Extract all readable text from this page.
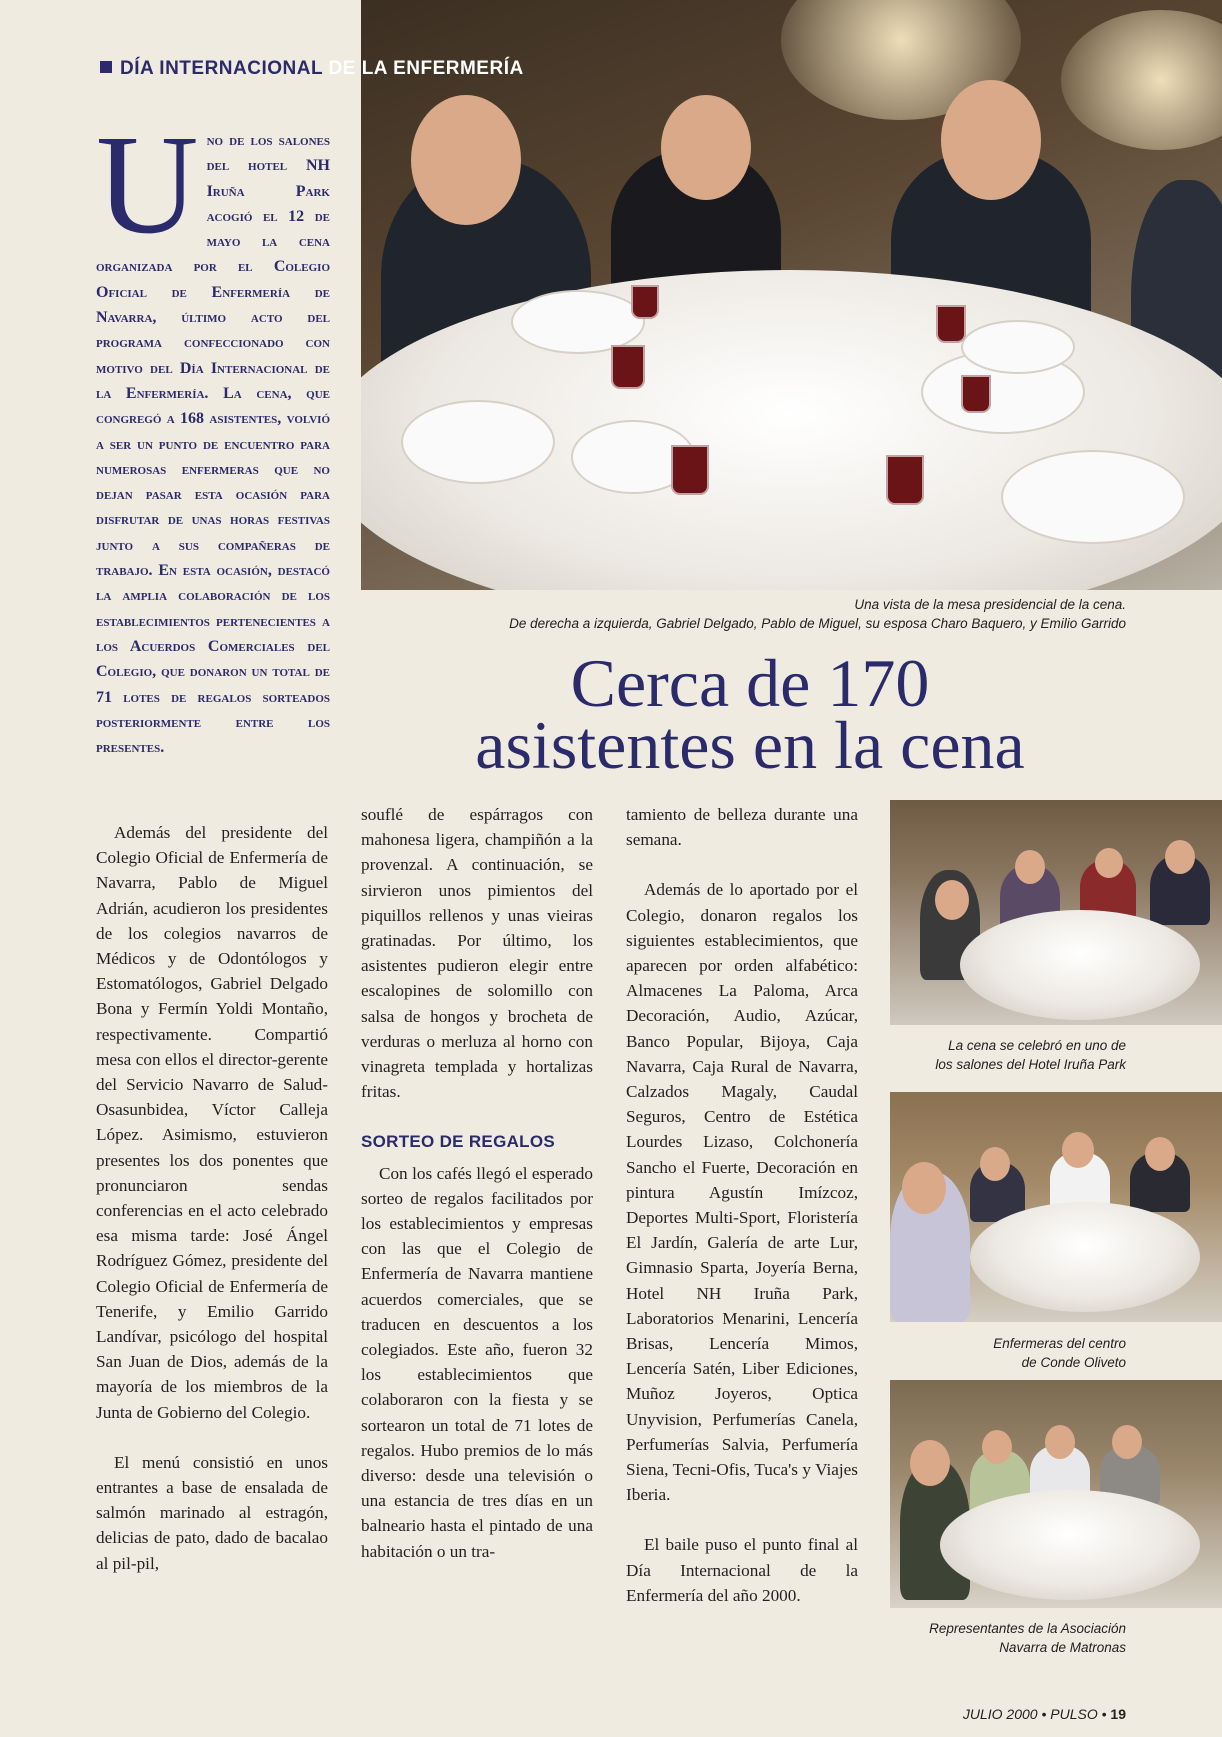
DÍA INTERNACIONAL DE LA ENFERMERÍA
Uno de los salones del hotel NH Iruña Park acogió el 12 de mayo la cena organizada por el Colegio Oficial de Enfermería de Navarra, último acto del programa confeccionado con motivo del Día Internacional de la Enfermería. La cena, que congregó a 168 asistentes, volvió a ser un punto de encuentro para numerosas enfermeras que no dejan pasar esta ocasión para disfrutar de unas horas festivas junto a sus compañeras de trabajo. En esta ocasión, destacó la amplia colaboración de los establecimientos pertenecientes a los Acuerdos Comerciales del Colegio, que donaron un total de 71 lotes de regalos sorteados posteriormente entre los presentes.
Una vista de la mesa presidencial de la cena.
De derecha a izquierda, Gabriel Delgado, Pablo de Miguel, su esposa Charo Baquero, y Emilio Garrido
Cerca de 170
asistentes en la cena

Además del presidente del Colegio Oficial de Enfermería de Navarra, Pablo de Miguel Adrián, acudieron los presidentes de los colegios navarros de Médicos y de Odontólogos y Estomatólogos, Gabriel Delgado Bona y Fermín Yoldi Montaño, respectivamente. Compartió mesa con ellos el director-gerente del Servicio Navarro de Salud-Osasunbidea, Víctor Calleja López. Asimismo, estuvieron presentes los dos ponentes que pronunciaron sendas conferencias en el acto celebrado esa misma tarde: José Ángel Rodríguez Gómez, presidente del Colegio Oficial de Enfermería de Tenerife, y Emilio Garrido Landívar, psicólogo del hospital San Juan de Dios, además de la mayoría de los miembros de la Junta de Gobierno del Colegio.

El menú consistió en unos entrantes a base de ensalada de salmón marinado al estragón, delicias de pato, dado de bacalao al pil-pil,

souflé de espárragos con mahonesa ligera, champiñón a la provenzal. A continuación, se sirvieron unos pimientos del piquillos rellenos y unas vieiras gratinadas. Por último, los asistentes pudieron elegir entre escalopines de solomillo con salsa de hongos y brocheta de verduras o merluza al horno con vinagreta templada y hortalizas fritas.

SORTEO DE REGALOS

Con los cafés llegó el esperado sorteo de regalos facilitados por los establecimientos y empresas con las que el Colegio de Enfermería de Navarra mantiene acuerdos comerciales, que se traducen en descuentos a los colegiados. Este año, fueron 32 los establecimientos que colaboraron con la fiesta y se sortearon un total de 71 lotes de regalos. Hubo premios de lo más diverso: desde una televisión o una estancia de tres días en un balneario hasta el pintado de una habitación o un tra-

tamiento de belleza durante una semana.

Además de lo aportado por el Colegio, donaron regalos los siguientes establecimientos, que aparecen por orden alfabético: Almacenes La Paloma, Arca Decoración, Audio, Azúcar, Banco Popular, Bijoya, Caja Navarra, Caja Rural de Navarra, Calzados Magaly, Caudal Seguros, Centro de Estética Lourdes Lizaso, Colchonería Sancho el Fuerte, Decoración en pintura Agustín Imízcoz, Deportes Multi-Sport, Floristería El Jardín, Galería de arte Lur, Gimnasio Sparta, Joyería Berna, Hotel NH Iruña Park, Laboratorios Menarini, Lencería Brisas, Lencería Mimos, Lencería Satén, Liber Ediciones, Muñoz Joyeros, Optica Unyvision, Perfumerías Canela, Perfumerías Salvia, Perfumería Siena, Tecni-Ofis, Tuca's y Viajes Iberia.

El baile puso el punto final al Día Internacional de la Enfermería del año 2000.

La cena se celebró en uno de
los salones del Hotel Iruña Park
Enfermeras del centro
de Conde Oliveto
Representantes de la Asociación
Navarra de Matronas
JULIO 2000 • PULSO • 19
